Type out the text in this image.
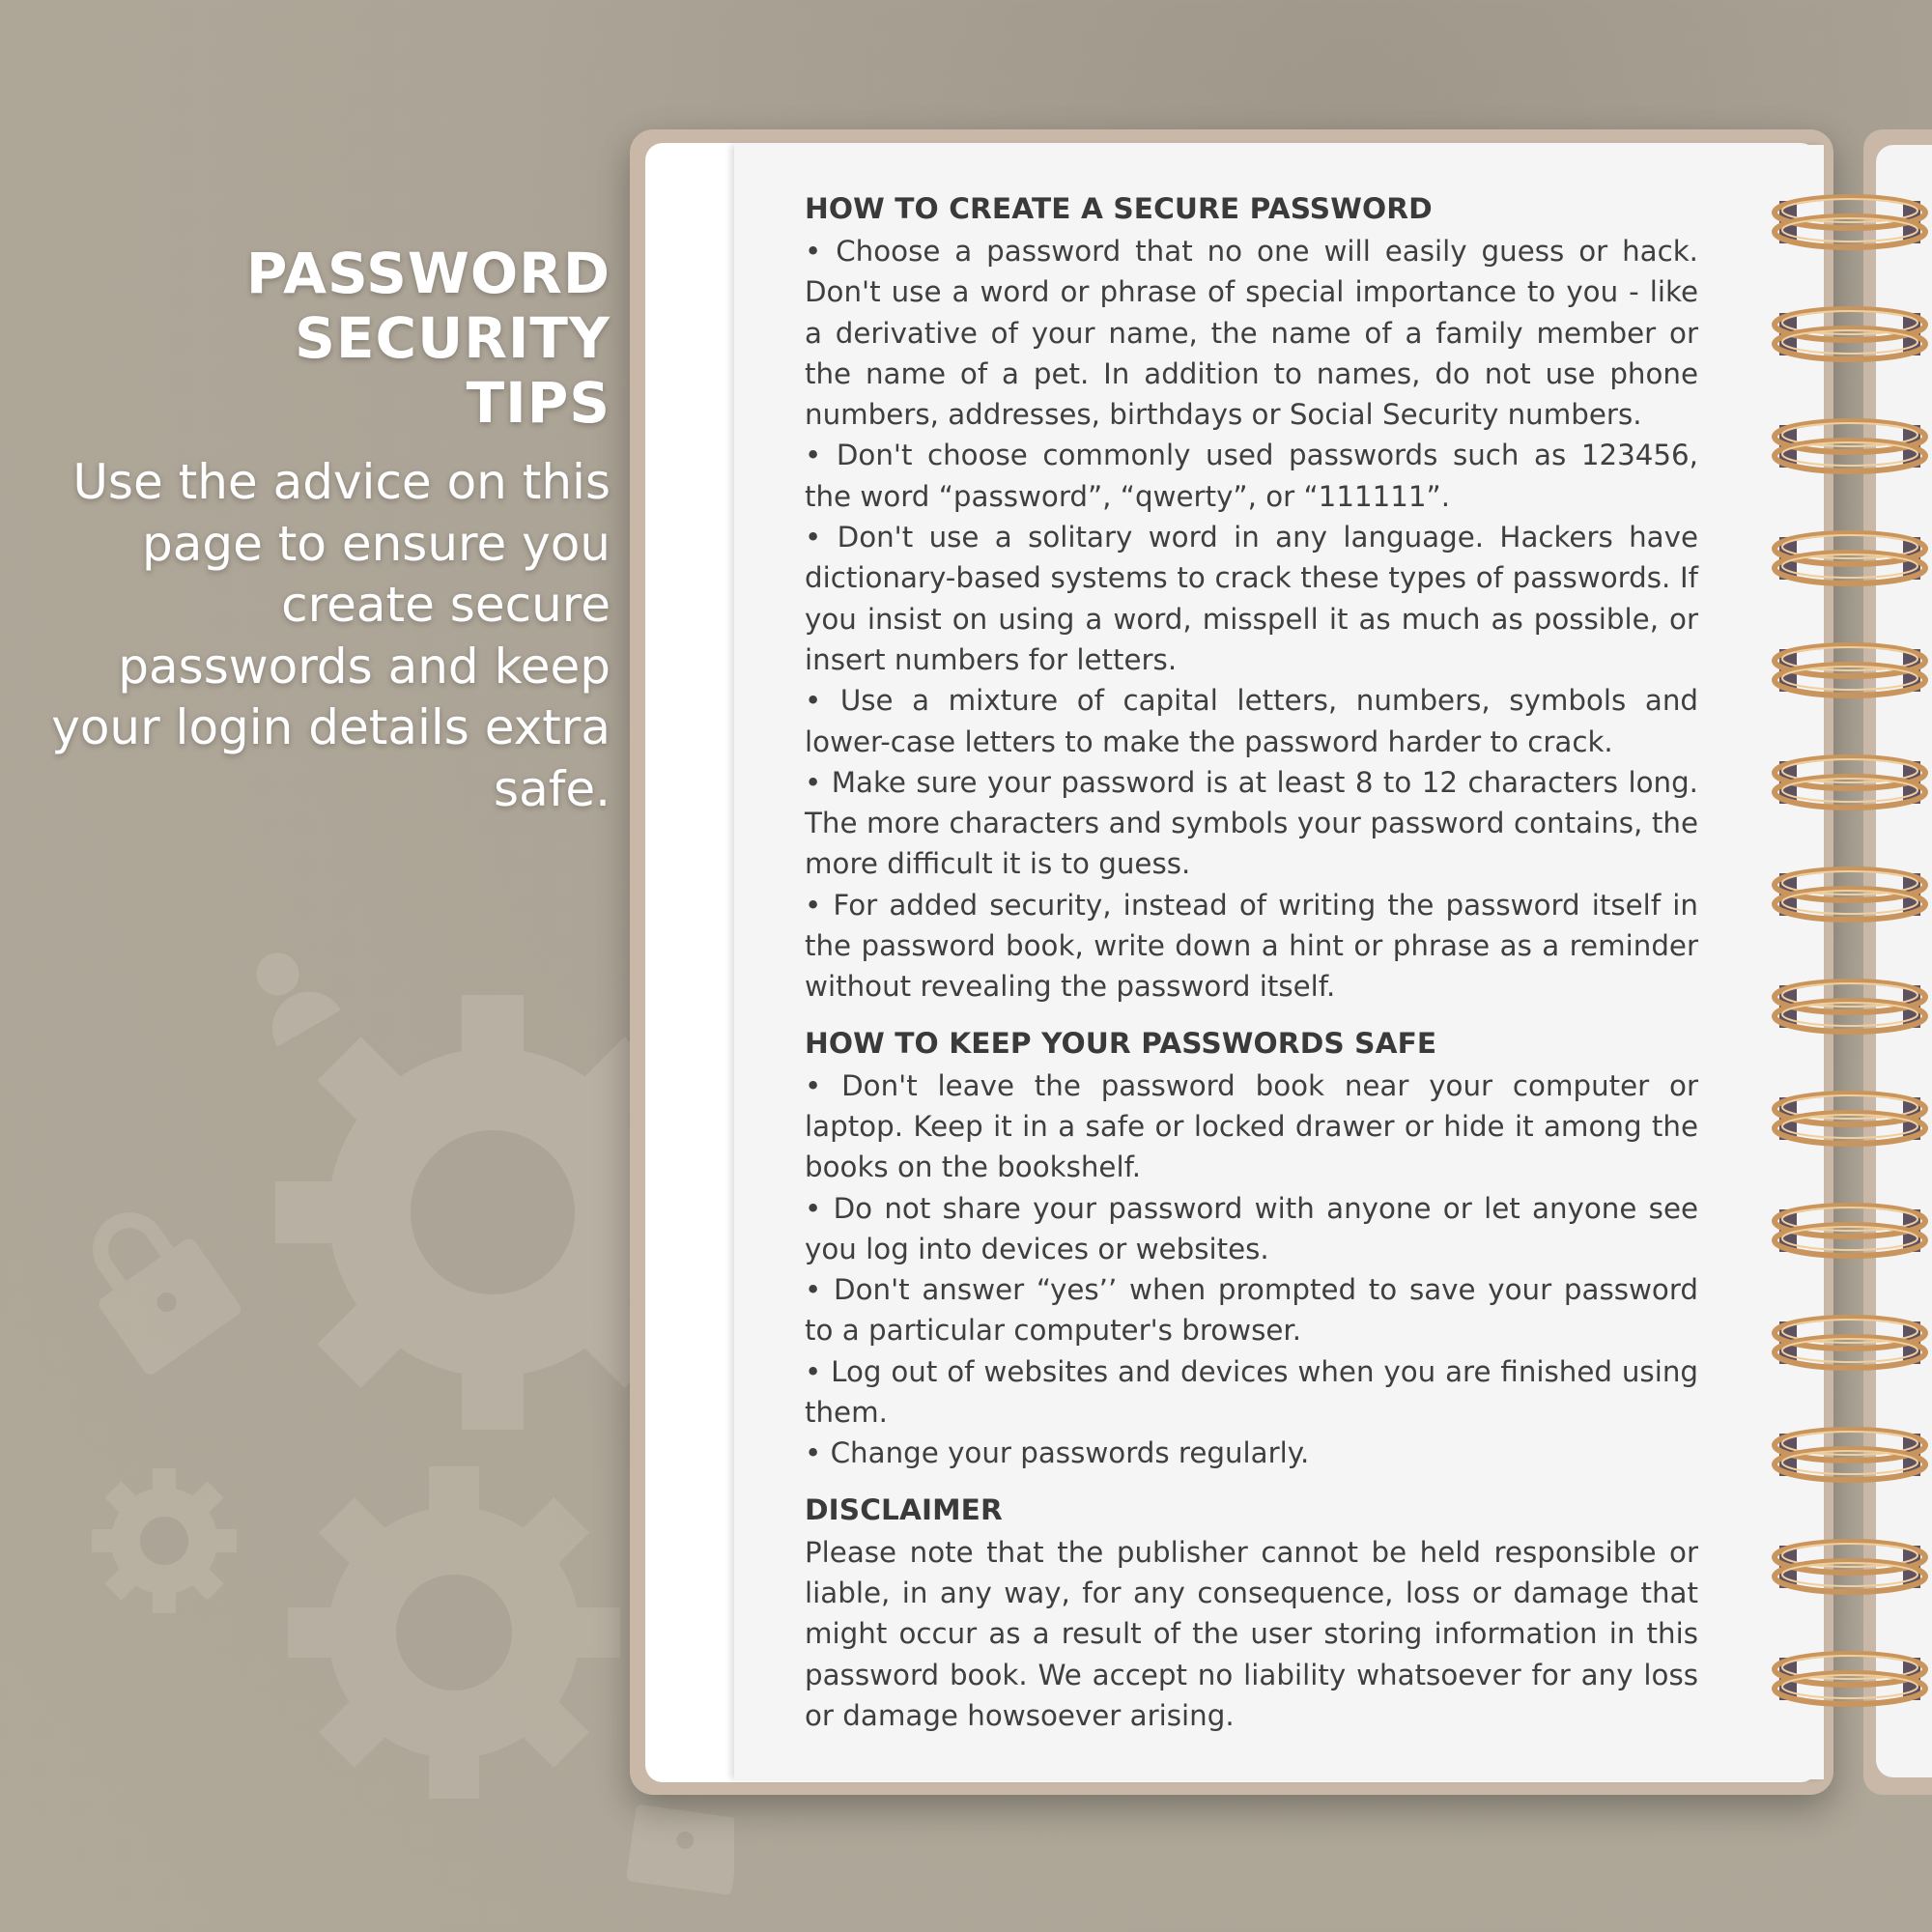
PASSWORD
SECURITY
TIPS
Use the advice on this page to ensure you create secure passwords and keep your login details extra safe.
HOW TO CREATE A SECURE PASSWORD

• Choose a password that no one will easily guess or hack. Don't use a word or phrase of special importance to you - like a derivative of your name, the name of a family member or the name of a pet. In addition to names, do not use phone numbers, addresses, birthdays or Social Security numbers.

• Don't choose commonly used passwords such as 123456, the word “password”, “qwerty”, or “111111”.

• Don't use a solitary word in any language. Hackers have dictionary-based systems to crack these types of passwords. If you insist on using a word, misspell it as much as possible, or insert numbers for letters.

• Use a mixture of capital letters, numbers, symbols and lower-case letters to make the password harder to crack.

• Make sure your password is at least 8 to 12 characters long. The more characters and symbols your password contains, the more difficult it is to guess.

• For added security, instead of writing the password itself in the password book, write down a hint or phrase as a reminder without revealing the password itself.

HOW TO KEEP YOUR PASSWORDS SAFE

• Don't leave the password book near your computer or laptop. Keep it in a safe or locked drawer or hide it among the books on the bookshelf.

• Do not share your password with anyone or let anyone see you log into devices or websites.

• Don't answer “yes’’ when prompted to save your password to a particular computer's browser.

• Log out of websites and devices when you are finished using them.

• Change your passwords regularly.

DISCLAIMER

Please note that the publisher cannot be held responsible or liable, in any way, for any consequence, loss or damage that might occur as a result of the user storing information in this password book. We accept no liability whatsoever for any loss or damage howsoever arising.
